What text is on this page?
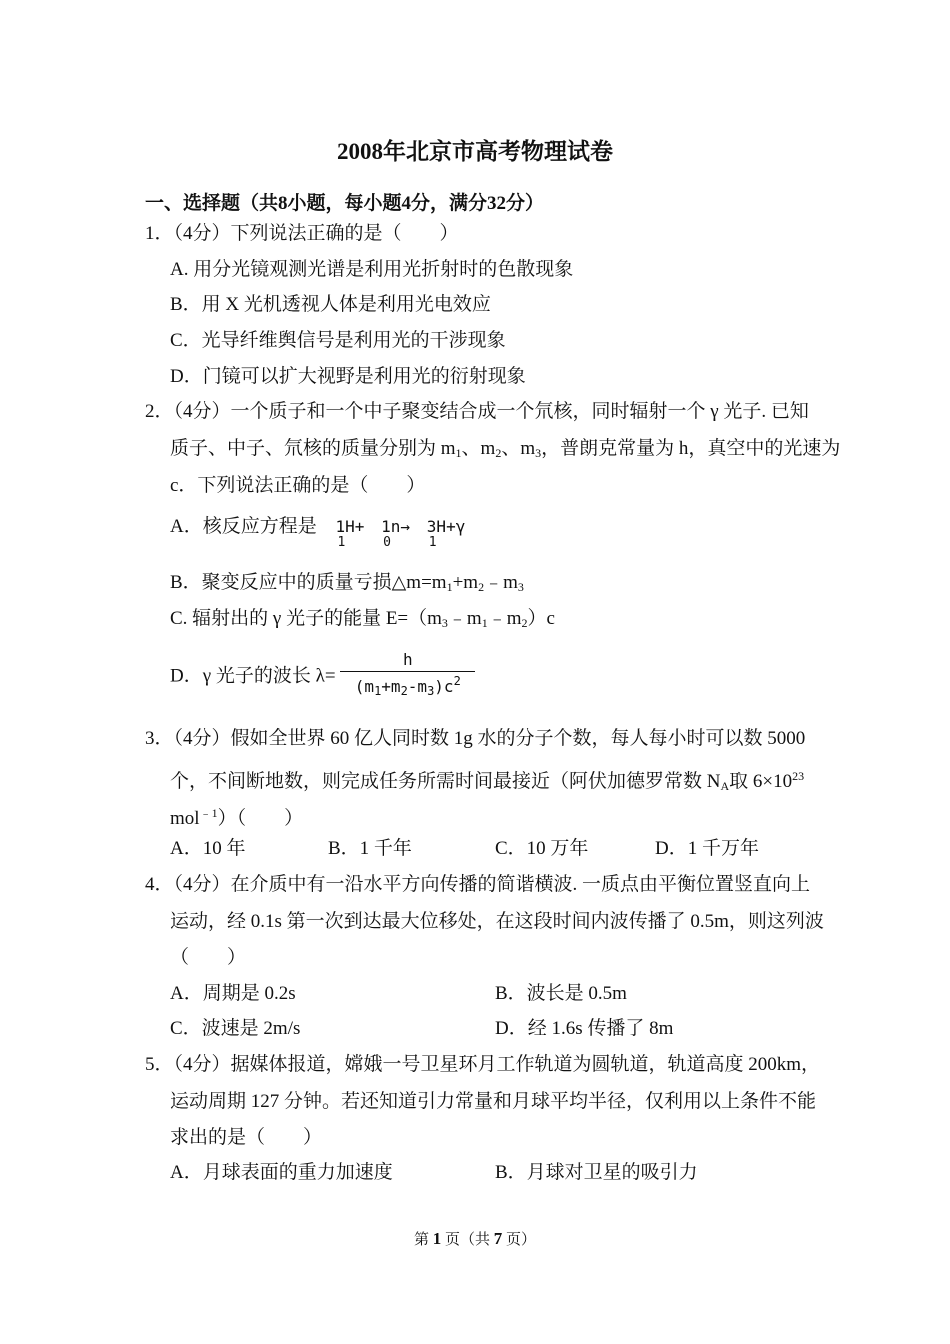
2008年北京市高考物理试卷
一、选择题（共8小题，每小题4分，满分32分）
1．（4分）下列说法正确的是（　　）
A. 用分光镜观测光谱是利用光折射时的色散现象
B．用 X 光机透视人体是利用光电效应
C．光导纤维舆信号是利用光的干涉现象
D．门镜可以扩大视野是利用光的衍射现象
2．（4分）一个质子和一个中子聚变结合成一个氘核，同时辐射一个 γ 光子. 已知
质子、中子、氘核的质量分别为 $m_1$、$m_2$、$m_3$，普朗克常量为 h，真空中的光速为
c．下列说法正确的是（　　）
A．核反应方程是 1H+
1
1n→
0
3H+γ
1
B．聚变反应中的质量亏损$\triangle m=m_1+m_2﹣m_3$
C. 辐射出的 γ 光子的能量 $E=(m_3﹣m_1﹣m_2)c$
D．γ 光子的波长 $\lambda= \frac{h}{(m_1+m_2-m_3)c^2}$
3．（4分）假如全世界 60 亿人同时数 1g 水的分子个数，每人每小时可以数 5000
个，不间断地数，则完成任务所需时间最接近（阿伏加德罗常数 $N_A$取 $6\times 10^{23}$
mol$^{﹣1}$）（　　）
A．10 年	B．1 千年	C．10 万年	D．1 千万年
4．（4分）在介质中有一沿水平方向传播的简谐横波. 一质点由平衡位置竖直向上
运动，经 0.1s 第一次到达最大位移处，在这段时间内波传播了 0.5m，则这列波
（　　）
A．周期是 0.2s	B．波长是 0.5m
C．波速是 2m/s	D．经 1.6s 传播了 8m
5．（4分）据媒体报道，嫦娥一号卫星环月工作轨道为圆轨道，轨道高度 200km，
运动周期 127 分钟。若还知道引力常量和月球平均半径，仅利用以上条件不能
求出的是（　　）
A．月球表面的重力加速度	B．月球对卫星的吸引力
第 1 页（共 7 页）
